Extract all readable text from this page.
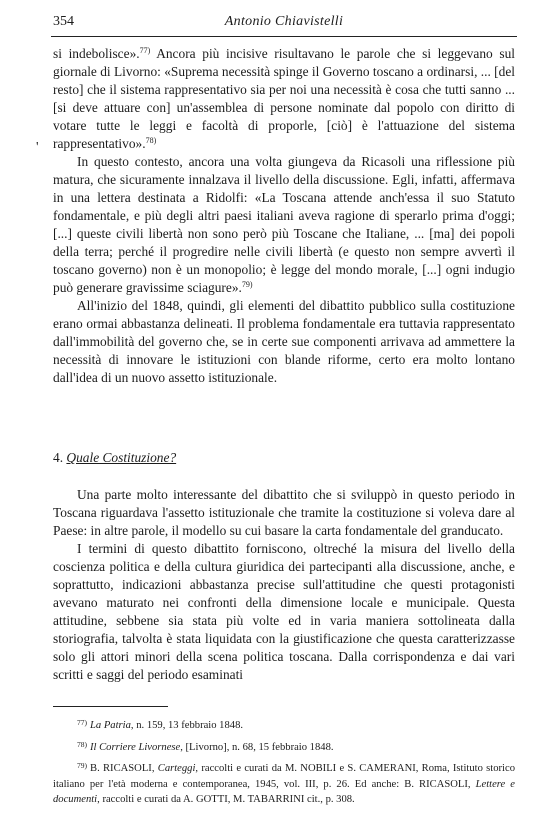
354	Antonio Chiavistelli
'

si indebolisce».$^{77)}$ Ancora più incisive risultavano le parole che si leggevano sul giornale di Livorno: «Suprema necessità spinge il Governo toscano a ordinarsi, ... [del resto] che il sistema rappresentativo sia per noi una necessità è cosa che tutti sanno ... [si deve attuare con] un'assemblea di persone nominate dal popolo con diritto di votare tutte le leggi e facoltà di proporle, [ciò] è l'attuazione del sistema rappresentativo».$^{78)}$

In questo contesto, ancora una volta giungeva da Ricasoli una riflessione più matura, che sicuramente innalzava il livello della discussione. Egli, infatti, affermava in una lettera destinata a Ridolfi: «La Toscana attende anch'essa il suo Statuto fondamentale, e più degli altri paesi italiani aveva ragione di sperarlo prima d'oggi; [...] queste civili libertà non sono però più Toscane che Italiane, ... [ma] dei popoli della terra; perché il progredire nelle civili libertà (e questo non sempre avvertì il toscano governo) non è un monopolio; è legge del mondo morale, [...] ogni indugio può generare gravissime sciagure».$^{79)}$

All'inizio del 1848, quindi, gli elementi del dibattito pubblico sulla costituzione erano ormai abbastanza delineati. Il problema fondamentale era tuttavia rappresentato dall'immobilità del governo che, se in certe sue componenti arrivava ad ammettere la necessità di innovare le istituzioni con blande riforme, certo era molto lontano dall'idea di un nuovo assetto istituzionale.

4. Quale Costituzione?

Una parte molto interessante del dibattito che si sviluppò in questo periodo in Toscana riguardava l'assetto istituzionale che tramite la costituzione si voleva dare al Paese: in altre parole, il modello su cui basare la carta fondamentale del granducato.

I termini di questo dibattito forniscono, oltreché la misura del livello della coscienza politica e della cultura giuridica dei partecipanti alla discussione, anche, e soprattutto, indicazioni abbastanza precise sull'attitudine che questi protagonisti avevano maturato nei confronti della dimensione locale e municipale. Questa attitudine, sebbene sia stata più volte ed in varia maniera sottolineata dalla storiografia, talvolta è stata liquidata con la giustificazione che questa caratterizzasse solo gli attori minori della scena politica toscana. Dalla corrispondenza e dai vari scritti e saggi del periodo esaminati

$^{77)}$ La Patria, n. 159, 13 febbraio 1848.

$^{78)}$ Il Corriere Livornese, [Livorno], n. 68, 15 febbraio 1848.

$^{79)}$ B. RICASOLI, Carteggi, raccolti e curati da M. NOBILI e S. CAMERANI, Roma, Istituto storico italiano per l'età moderna e contemporanea, 1945, vol. III, p. 26. Ed anche: B. RICASOLI, Lettere e documenti, raccolti e curati da A. GOTTI, M. TABARRINI cit., p. 308.
